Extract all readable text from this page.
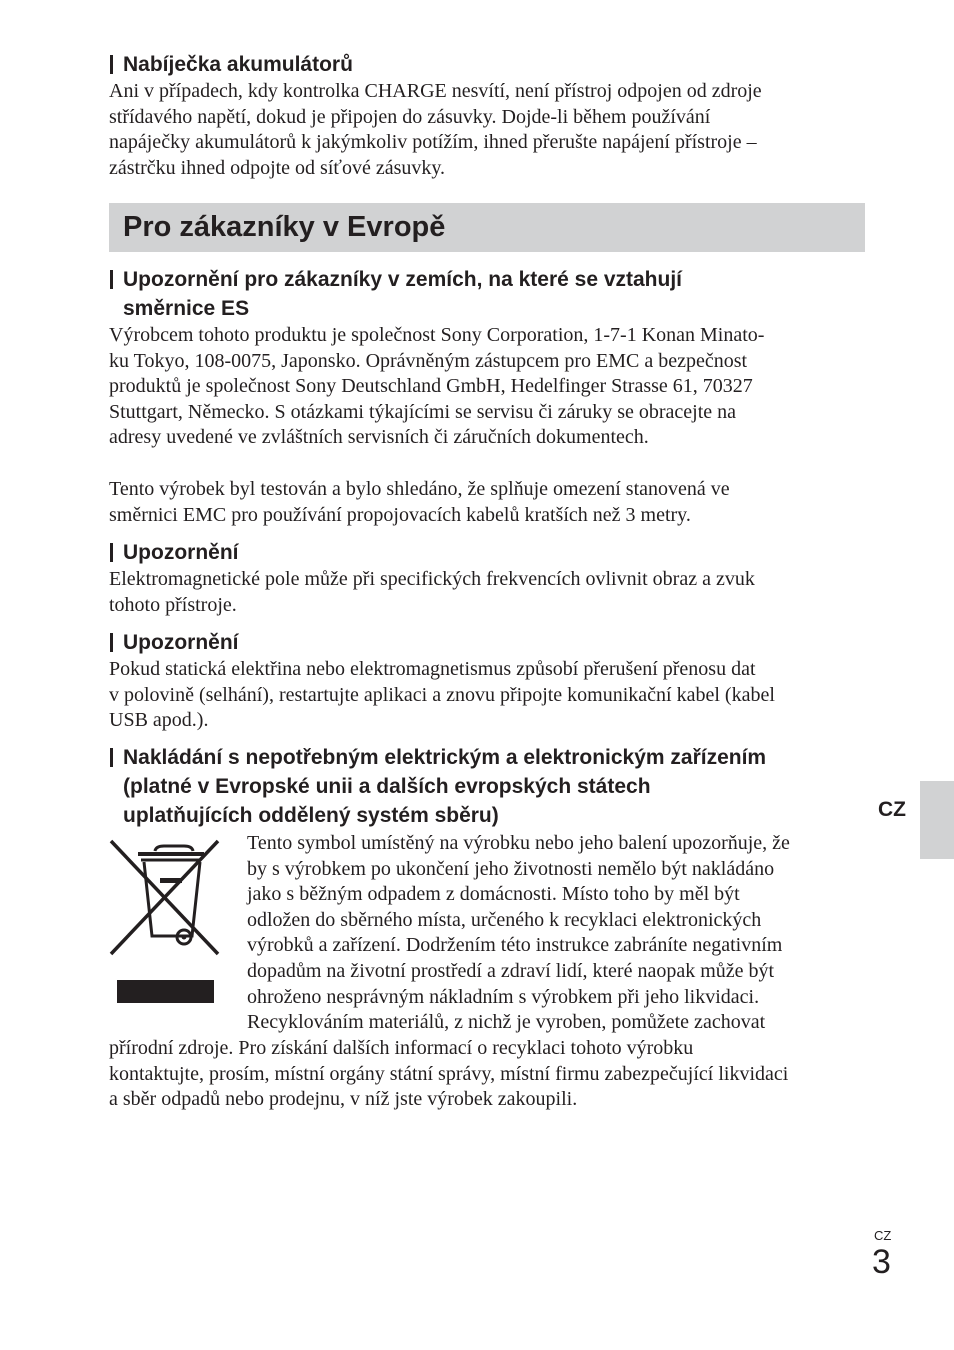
Nabíječka akumulátorů
Ani v případech, kdy kontrolka CHARGE nesvítí, není přístroj odpojen od zdroje
střídavého napětí, dokud je připojen do zásuvky. Dojde-li během používání
napáječky akumulátorů k jakýmkoliv potížím, ihned přerušte napájení přístroje –
zástrčku ihned odpojte od síťové zásuvky.
Pro zákazníky v Evropě
Upozornění pro zákazníky v zemích, na které se vztahují
směrnice ES
Výrobcem tohoto produktu je společnost Sony Corporation, 1-7-1 Konan Minato-
ku Tokyo, 108-0075, Japonsko. Oprávněným zástupcem pro EMC a bezpečnost
produktů je společnost Sony Deutschland GmbH, Hedelfinger Strasse 61, 70327
Stuttgart, Německo. S otázkami týkajícími se servisu či záruky se obracejte na
adresy uvedené ve zvláštních servisních či záručních dokumentech.
Tento výrobek byl testován a bylo shledáno, že splňuje omezení stanovená ve
směrnici EMC pro používání propojovacích kabelů kratších než 3 metry.
Upozornění
Elektromagnetické pole může při specifických frekvencích ovlivnit obraz a zvuk
tohoto přístroje.
Upozornění
Pokud statická elektřina nebo elektromagnetismus způsobí přerušení přenosu dat
v polovině (selhání), restartujte aplikaci a znovu připojte komunikační kabel (kabel
USB apod.).
Nakládání s nepotřebným elektrickým a elektronickým zařízením
(platné v Evropské unii a dalších evropských státech
uplatňujících oddělený systém sběru)
Tento symbol umístěný na výrobku nebo jeho balení upozorňuje, že
by s výrobkem po ukončení jeho životnosti nemělo být nakládáno
jako s běžným odpadem z domácnosti. Místo toho by měl být
odložen do sběrného místa, určeného k recyklaci elektronických
výrobků a zařízení. Dodržením této instrukce zabráníte negativním
dopadům na životní prostředí a zdraví lidí, které naopak může být
ohroženo nesprávným nákladním s výrobkem při jeho likvidaci.
Recyklováním materiálů, z nichž je vyroben, pomůžete zachovat
přírodní zdroje. Pro získání dalších informací o recyklaci tohoto výrobku
kontaktujte, prosím, místní orgány státní správy, místní firmu zabezpečující likvidaci
a sběr odpadů nebo prodejnu, v níž jste výrobek zakoupili.
CZ
CZ
3
